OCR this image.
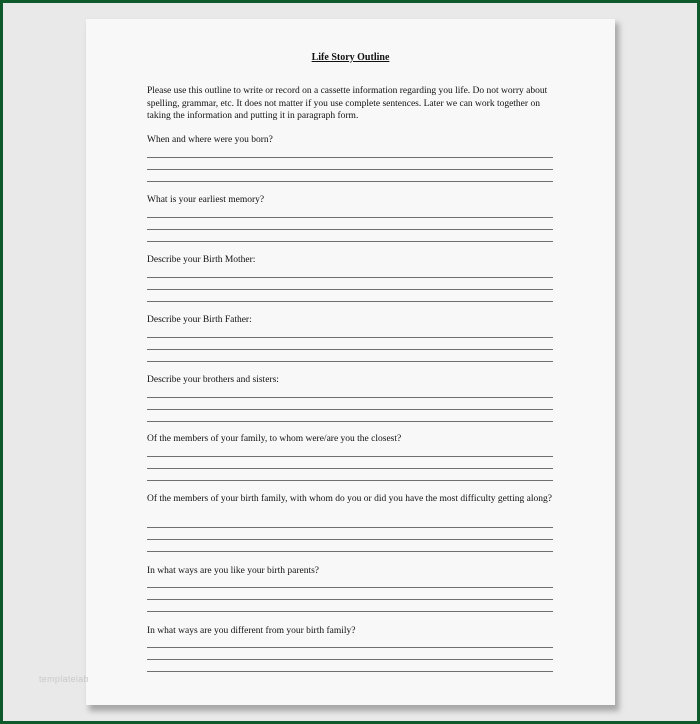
Life Story Outline
Please use this outline to write or record on a cassette information regarding you life. Do not worry about spelling, grammar, etc. It does not matter if you use complete sentences. Later we can work together on taking the information and putting it in paragraph form.
When and where were you born?
What is your earliest memory?
Describe your Birth Mother:
Describe your Birth Father:
Describe your brothers and sisters:
Of the members of your family, to whom were/are you the closest?
Of the members of your birth family, with whom do you or did you have the most difficulty getting along?
In what ways are you like your birth parents?
In what ways are you different from your birth family?
templatelab
